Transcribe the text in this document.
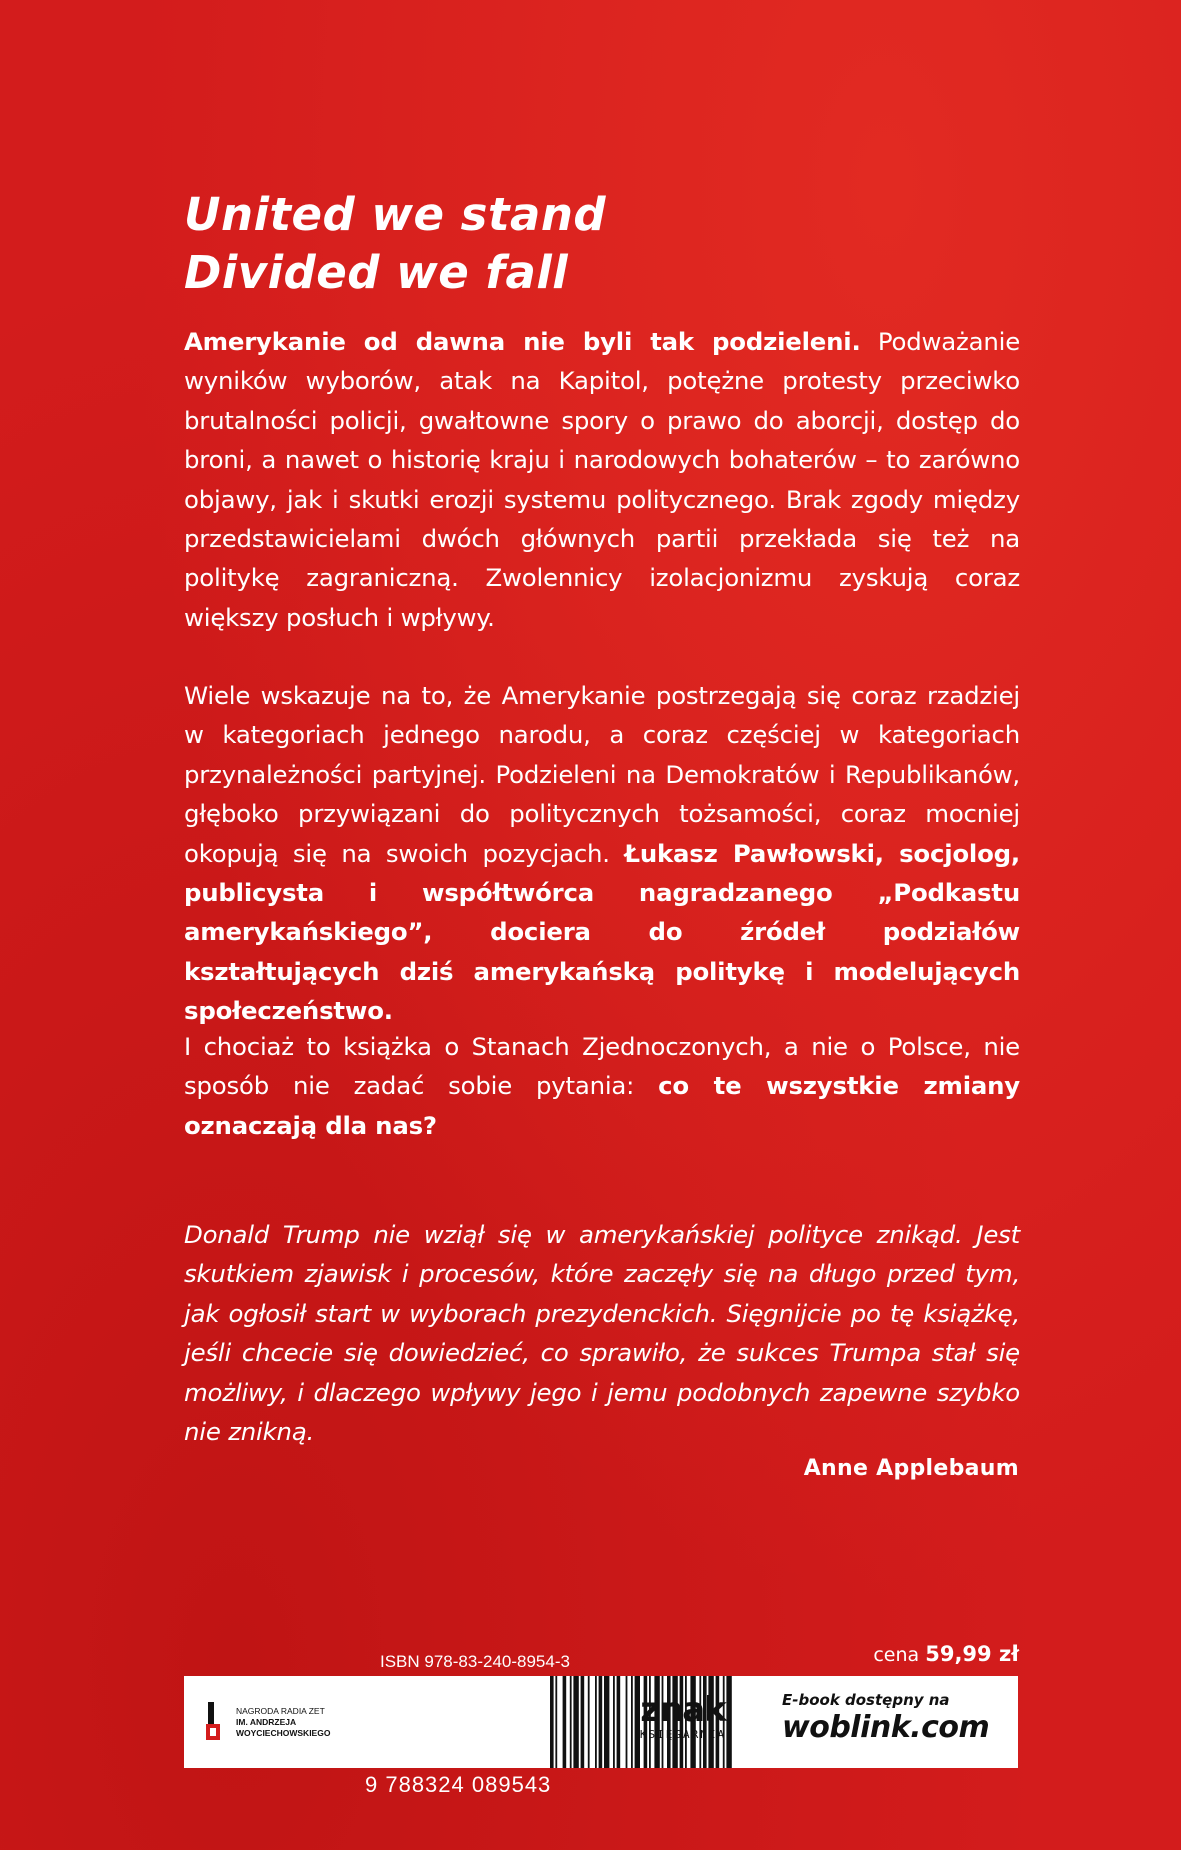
United we stand
Divided we fall
Amerykanie od dawna nie byli tak podzieleni. Podważanie wyników wyborów, atak na Kapitol, potężne protesty przeciwko brutalności policji, gwałtowne spory o prawo do aborcji, dostęp do broni, a nawet o historię kraju i narodowych bohaterów – to zarówno objawy, jak i skutki erozji systemu politycznego. Brak zgody między przedstawicielami dwóch głównych partii przekłada się też na politykę zagraniczną. Zwolennicy izolacjonizmu zyskują coraz większy posłuch i wpływy.
Wiele wskazuje na to, że Amerykanie postrzegają się coraz rzadziej w kategoriach jednego narodu, a coraz częściej w kategoriach przynależności partyjnej. Podzieleni na Demokratów i Republikanów, głęboko przywiązani do politycznych tożsamości, coraz mocniej okopują się na swoich pozycjach. Łukasz Pawłowski, socjolog, publicysta i współtwórca nagradzanego „Podkastu amerykańskiego”, dociera do źródeł podziałów kształtujących dziś amerykańską politykę i modelujących społeczeństwo.
I chociaż to książka o Stanach Zjednoczonych, a nie o Polsce, nie sposób nie zadać sobie pytania: co te wszystkie zmiany oznaczają dla nas?
Donald Trump nie wziął się w amerykańskiej polityce znikąd. Jest skutkiem zjawisk i procesów, które zaczęły się na długo przed tym, jak ogłosił start w wyborach prezydenckich. Sięgnijcie po tę książkę, jeśli chcecie się dowiedzieć, co sprawiło, że sukces Trumpa stał się możliwy, i dlaczego wpływy jego i jemu podobnych zapewne szybko nie znikną.
Anne Applebaum
cena 59,99 zł
ISBN 978-83-240-8954-3
NAGRODA RADIA ZET
IM. ANDRZEJA
WOYCIECHOWSKIEGO
9 788324 089543
znak
KSIĘGARNIA
E-book dostępny na
woblink.com
